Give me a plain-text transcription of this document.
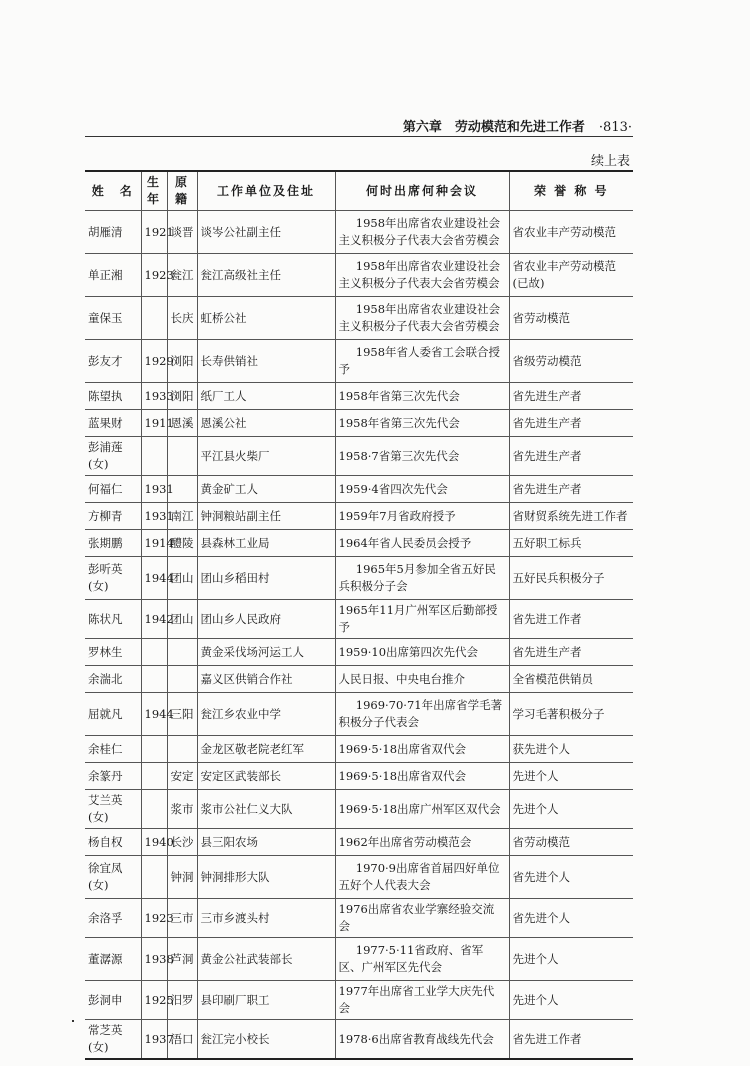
第六章　劳动模范和先进工作者 ·813·
续上表
姓　名	生年	原籍	工作单位及住址	何时出席何种会议	荣 誉 称 号
胡雁清	1921	谈晋	谈岑公社副主任	1958年出席省农业建设社会主义积极分子代表大会省劳模会	省农业丰产劳动模范
单正湘	1923	瓮江	瓮江高级社主任	1958年出席省农业建设社会主义积极分子代表大会省劳模会	省农业丰产劳动模范(已故)
童保玉		长庆	虹桥公社	1958年出席省农业建设社会主义积极分子代表大会省劳模会	省劳动模范
彭友才	1929	浏阳	长寿供销社	1958年省人委省工会联合授予	省级劳动模范
陈望执	1933	浏阳	纸厂工人	1958年省第三次先代会	省先进生产者
蓝果财	1911	恩溪	恩溪公社	1958年省第三次先代会	省先进生产者
彭浦莲(女)			平江县火柴厂	1958·7省第三次先代会	省先进生产者
何福仁	1931		黄金矿工人	1959·4省四次先代会	省先进生产者
方柳青	1931	南江	钟洞粮站副主任	1959年7月省政府授予	省财贸系统先进工作者
张期鹏	1914	醴陵	县森林工业局	1964年省人民委员会授予	五好职工标兵
彭听英(女)	1944	团山	团山乡稻田村	1965年5月参加全省五好民兵积极分子会	五好民兵积极分子
陈状凡	1942	团山	团山乡人民政府	1965年11月广州军区后勤部授予	省先进工作者
罗林生			黄金采伐场河运工人	1959·10出席第四次先代会	省先进生产者
余湍北			嘉义区供销合作社	人民日报、中央电台推介	全省模范供销员
屈就凡	1944	三阳	瓮江乡农业中学	1969·70·71年出席省学毛著积极分子代表会	学习毛著积极分子
余桂仁			金龙区敬老院老红军	1969·5·18出席省双代会	获先进个人
余篆丹		安定	安定区武装部长	1969·5·18出席省双代会	先进个人
艾兰英(女)		浆市	浆市公社仁义大队	1969·5·18出席广州军区双代会	先进个人
杨自权	1940	长沙	县三阳农场	1962年出席省劳动模范会	省劳动模范
徐宜凤(女)		钟洞	钟洞排形大队	1970·9出席省首届四好单位五好个人代表大会	省先进个人
余洛孚	1923	三市	三市乡渡头村	1976出席省农业学寨经验交流会	省先进个人
董潺源	1938	芦洞	黄金公社武装部长	1977·5·11省政府、省军区、广州军区先代会	先进个人
彭洞申	1925	汨罗	县印刷厂职工	1977年出席省工业学大庆先代会	先进个人
常芝英(女)	1937	浯口	瓮江完小校长	1978·6出席省教育战线先代会	省先进工作者
